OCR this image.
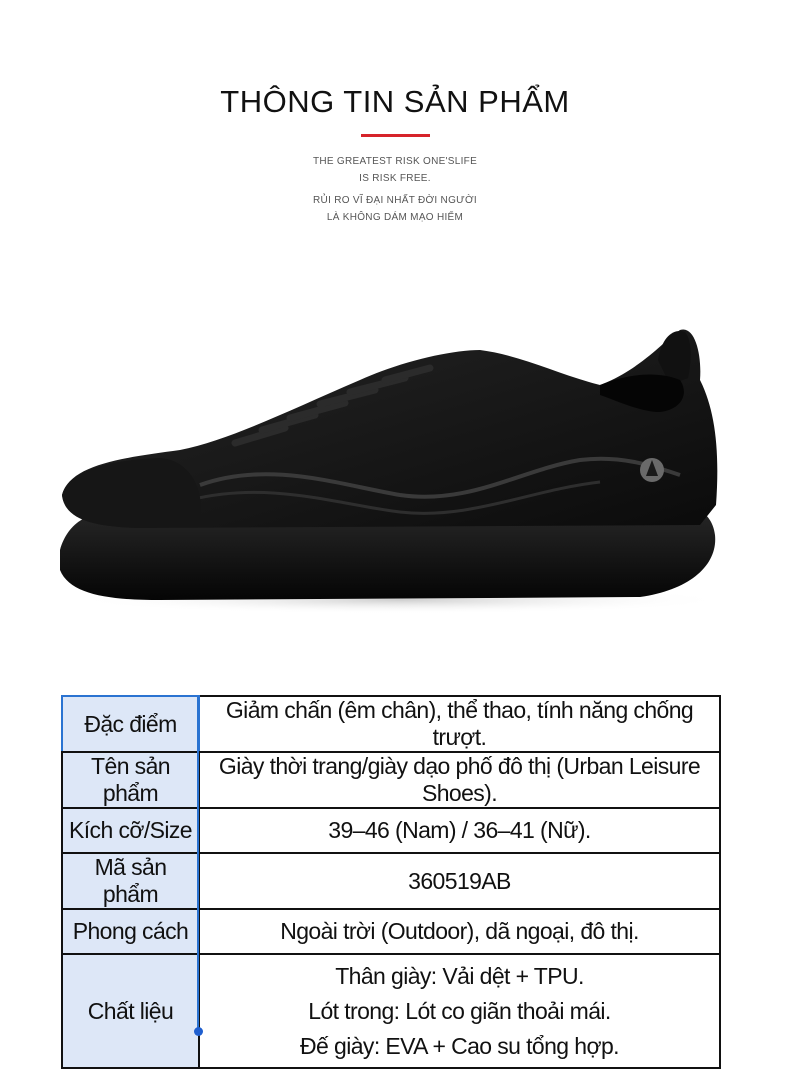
THÔNG TIN SẢN PHẨM
THE GREATEST RISK ONE'SLIFE
IS RISK FREE.
RỦI RO VĨ ĐẠI NHẤT ĐỜI NGƯỜI
LÀ KHÔNG DÁM MẠO HIỂM
Đặc điểm	Giảm chấn (êm chân), thể thao, tính năng chống trượt.
Tên sản phẩm	Giày thời trang/giày dạo phố đô thị (Urban Leisure Shoes).
Kích cỡ/Size	39–46 (Nam) / 36–41 (Nữ).
Mã sản phẩm	360519AB
Phong cách	Ngoài trời (Outdoor), dã ngoại, đô thị.
Chất liệu	Thân giày: Vải dệt + TPU.
Lót trong: Lót co giãn thoải mái.
Đế giày: EVA + Cao su tổng hợp.
